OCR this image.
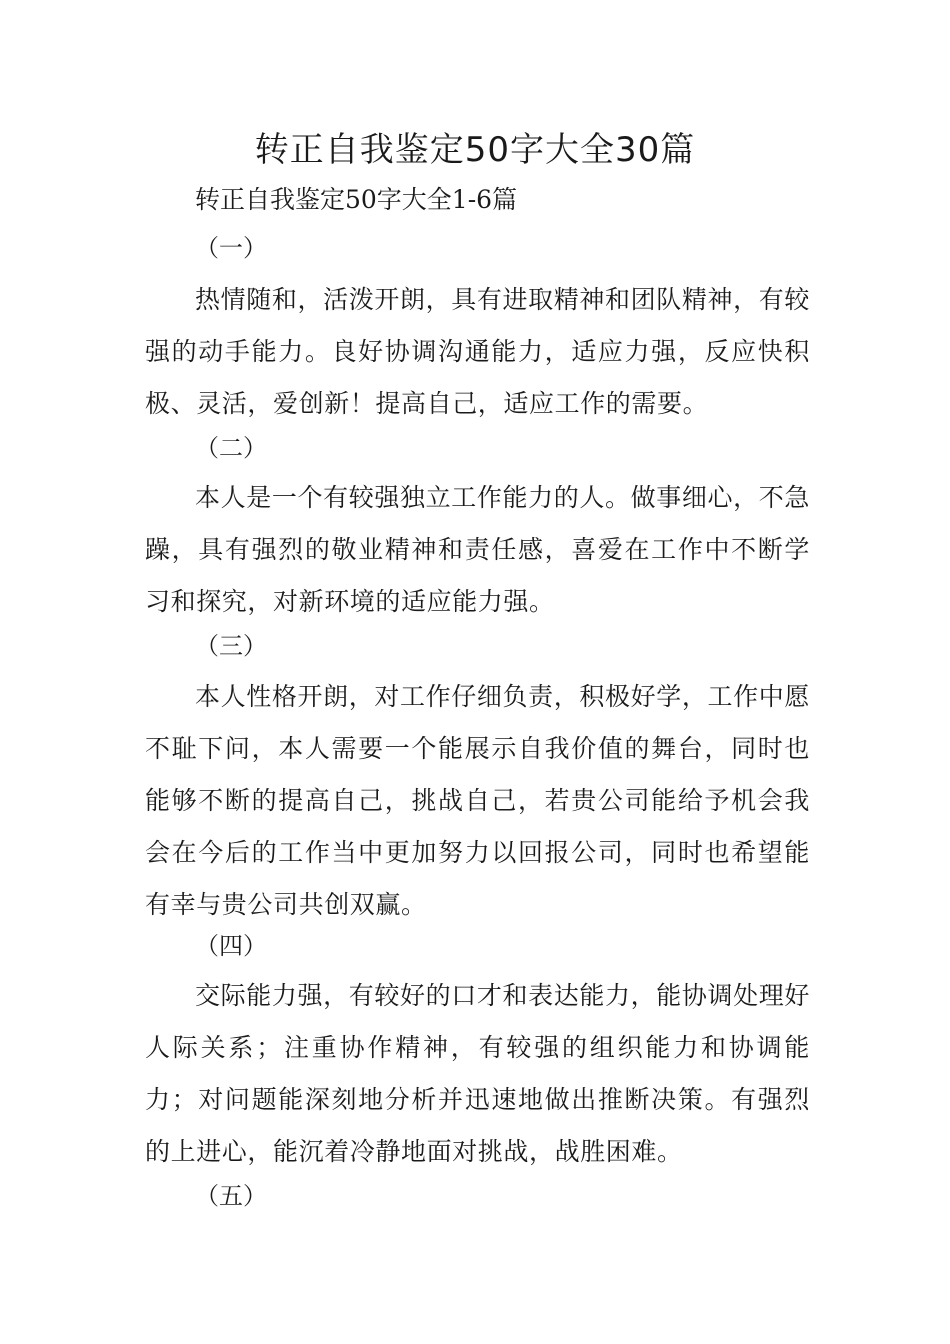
转正自我鉴定50字大全30篇

转正自我鉴定50字大全1-6篇

（一）

热情随和，活泼开朗，具有进取精神和团队精神，有较强的动手能力。良好协调沟通能力，适应力强，反应快积极、灵活，爱创新！提高自己，适应工作的需要。

（二）

本人是一个有较强独立工作能力的人。做事细心，不急躁，具有强烈的敬业精神和责任感，喜爱在工作中不断学习和探究，对新环境的适应能力强。

（三）

本人性格开朗，对工作仔细负责，积极好学，工作中愿不耻下问，本人需要一个能展示自我价值的舞台，同时也能够不断的提高自己，挑战自己，若贵公司能给予机会我会在今后的工作当中更加努力以回报公司，同时也希望能有幸与贵公司共创双赢。

（四）

交际能力强，有较好的口才和表达能力，能协调处理好人际关系；注重协作精神，有较强的组织能力和协调能力；对问题能深刻地分析并迅速地做出推断决策。有强烈的上进心，能沉着冷静地面对挑战，战胜困难。

（五）
